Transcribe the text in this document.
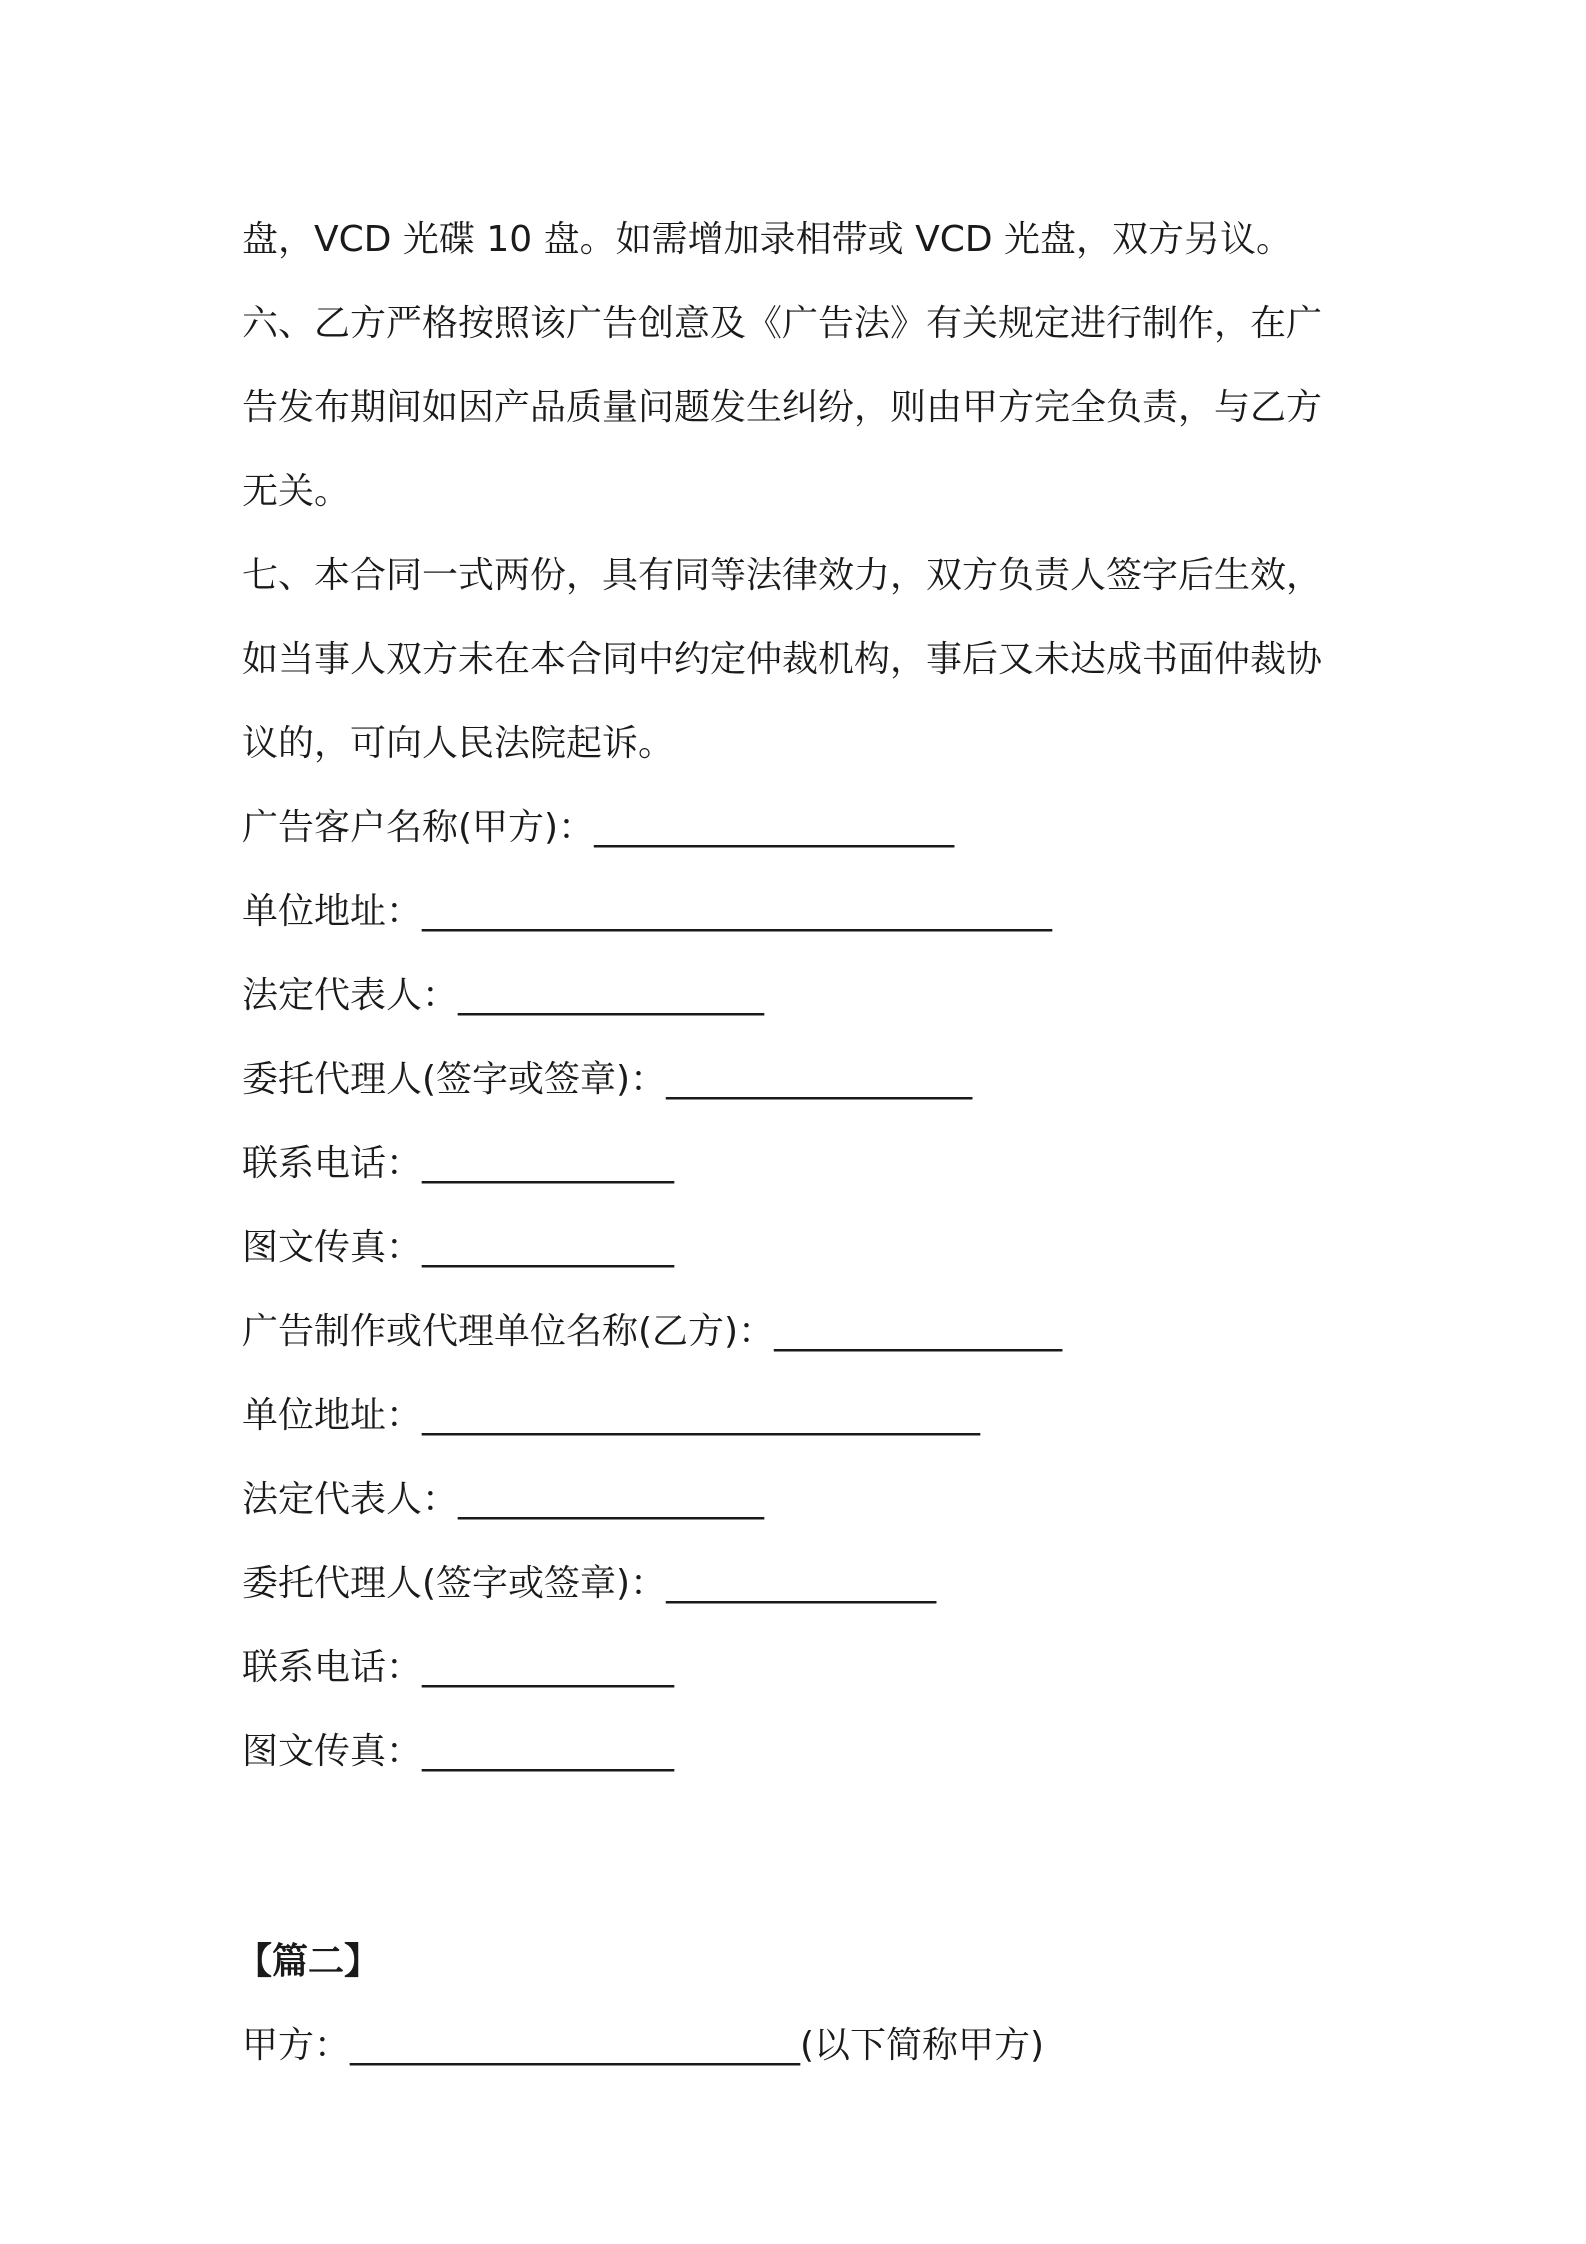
盘，VCD 光碟 10 盘。如需增加录相带或 VCD 光盘，双方另议。

六、乙方严格按照该广告创意及《广告法》有关规定进行制作，在广告发布期间如因产品质量问题发生纠纷，则由甲方完全负责，与乙方无关。

七、本合同一式两份，具有同等法律效力，双方负责人签字后生效，如当事人双方未在本合同中约定仲裁机构，事后又未达成书面仲裁协议的，可向人民法院起诉。

广告客户名称(甲方)：____________________

单位地址：___________________________________

法定代表人：_________________

委托代理人(签字或签章)：_________________

联系电话：______________

图文传真：______________

广告制作或代理单位名称(乙方)：________________

单位地址：_______________________________

法定代表人：_________________

委托代理人(签字或签章)：_______________

联系电话：______________

图文传真：______________

【篇二】

甲方：_________________________(以下简称甲方)
